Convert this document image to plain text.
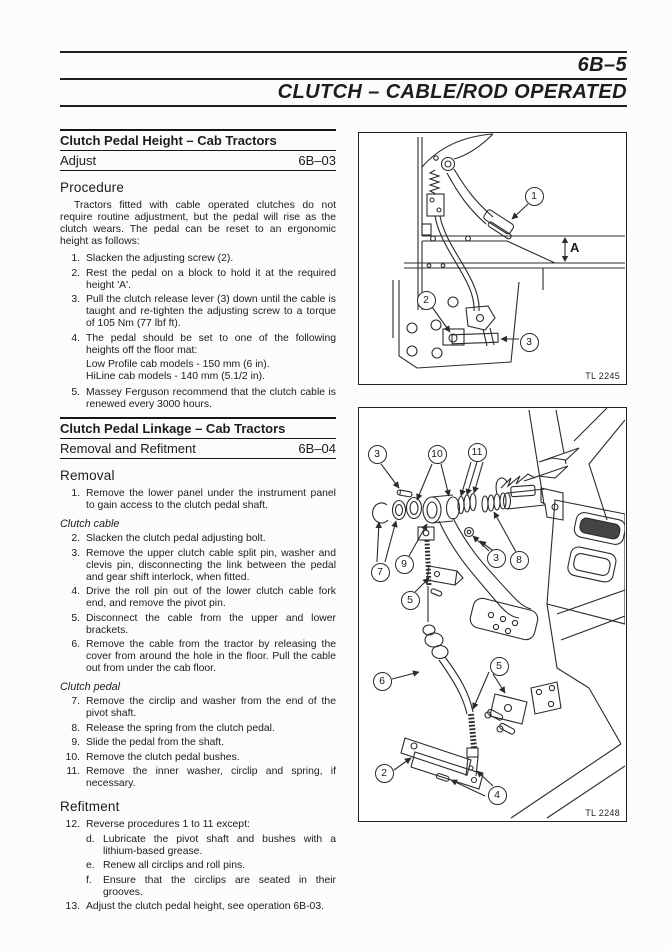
6B–5
CLUTCH – CABLE/ROD OPERATED
Clutch Pedal Height – Cab Tractors
Adjust	6B–03
Procedure
Tractors fitted with cable operated clutches do not require routine adjustment, but the pedal will rise as the clutch wears. The pedal can be reset to an ergonomic height as follows:
1. Slacken the adjusting screw (2).
2. Rest the pedal on a block to hold it at the required height 'A'.
3. Pull the clutch release lever (3) down until the cable is taught and re-tighten the adjusting screw to a torque of 105 Nm (77 lbf ft).
4. The pedal should be set to one of the following heights off the floor mat:
Low Profile cab models - 150 mm (6 in).
HiLine cab models - 140 mm (5.1/2 in).
5. Massey Ferguson recommend that the clutch cable is renewed every 3000 hours.
Clutch Pedal Linkage – Cab Tractors
Removal and Refitment	6B–04
Removal
1. Remove the lower panel under the instrument panel to gain access to the clutch pedal shaft.
Clutch cable
2. Slacken the clutch pedal adjusting bolt.
3. Remove the upper clutch cable split pin, washer and clevis pin, disconnecting the link between the pedal and gear shift interlock, when fitted.
4. Drive the roll pin out of the lower clutch cable fork end, and remove the pivot pin.
5. Disconnect the cable from the upper and lower brackets.
6. Remove the cable from the tractor by releasing the cover from around the hole in the floor. Pull the cable out from under the cab floor.
Clutch pedal
7. Remove the circlip and washer from the end of the pivot shaft.
8. Release the spring from the clutch pedal.
9. Slide the pedal from the shaft.
10. Remove the clutch pedal bushes.
11. Remove the inner washer, circlip and spring, if necessary.
Refitment
12. Reverse procedures 1 to 11 except:
d. Lubricate the pivot shaft and bushes with a lithium-based grease.
e. Renew all circlips and roll pins.
f.	Ensure that the circlips are seated in their grooves.
13. Adjust the clutch pedal height, see operation 6B-03.
1
2
3
A
TL 2245
3	10	11
7
9
5
3	8
6
5
2
4
TL 2248
